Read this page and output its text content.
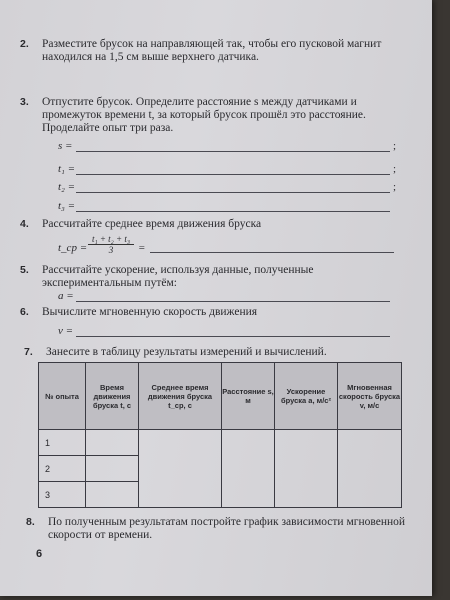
2. Разместите брусок на направляющей так, чтобы его пусковой магнит находился на 1,5 см выше верхнего датчика.
3. Отпустите брусок. Определите расстояние s между датчиками и промежуток времени t, за который брусок прошёл это расстояние. Проделайте опыт три раза.
s =	;
t₁ =	;
t₂ =	;
t₃ =
4. Рассчитайте среднее время движения бруска
t_ср = $\frac{\text{t₁ + t₂ + t₃}}{3}$ =
5. Рассчитайте ускорение, используя данные, полученные экспериментальным путём:
a =
6. Вычислите мгновенную скорость движения
v =
7. Занесите в таблицу результаты измерений и вычислений.
№ опыта	Время движения бруска t, с	Среднее время движения бруска t_ср, с	Расстояние s, м	Ускорение бруска a, м/с²	Мгновенная скорость бруска v, м/с
1					
2					
3					
8. По полученным результатам постройте график зависимости мгновенной скорости от времени.
6
